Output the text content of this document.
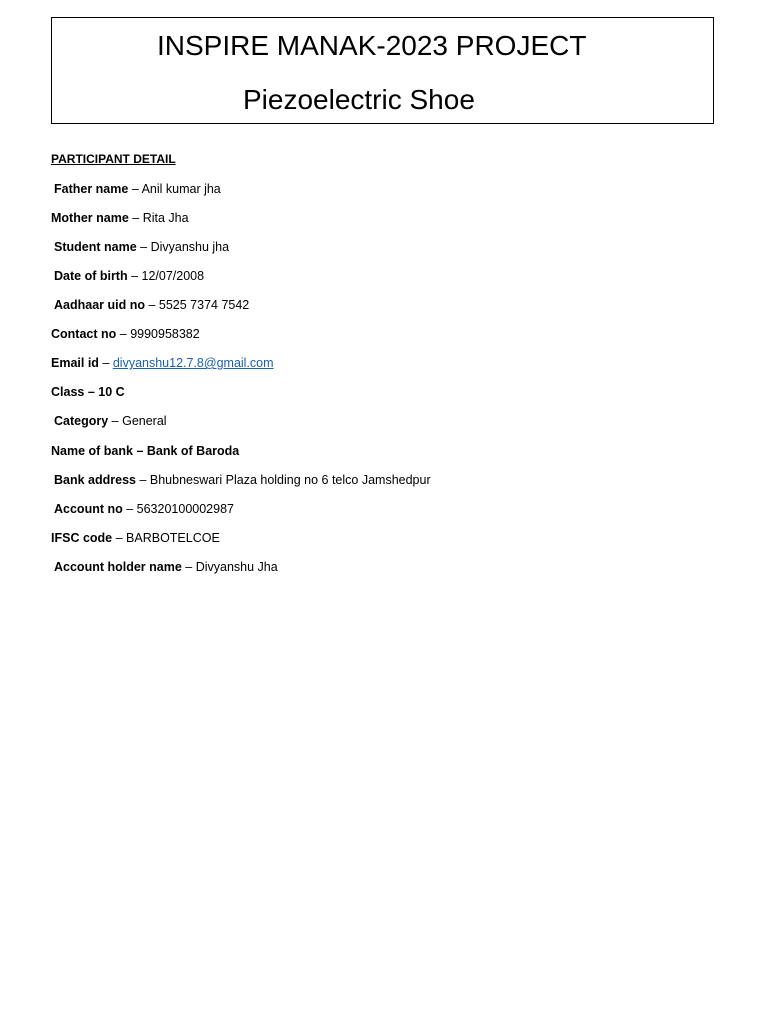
INSPIRE MANAK-2023 PROJECT
Piezoelectric Shoe
PARTICIPANT DETAIL
Father name – Anil kumar jha
Mother name – Rita Jha
Student name – Divyanshu jha
Date of birth – 12/07/2008
Aadhaar uid no – 5525 7374 7542
Contact no – 9990958382
Email id – divyanshu12.7.8@gmail.com
Class – 10 C
Category – General
Name of bank – Bank of Baroda
Bank address – Bhubneswari Plaza holding no 6 telco Jamshedpur
Account no – 56320100002987
IFSC code – BARBOTELCOE
Account holder name – Divyanshu Jha
